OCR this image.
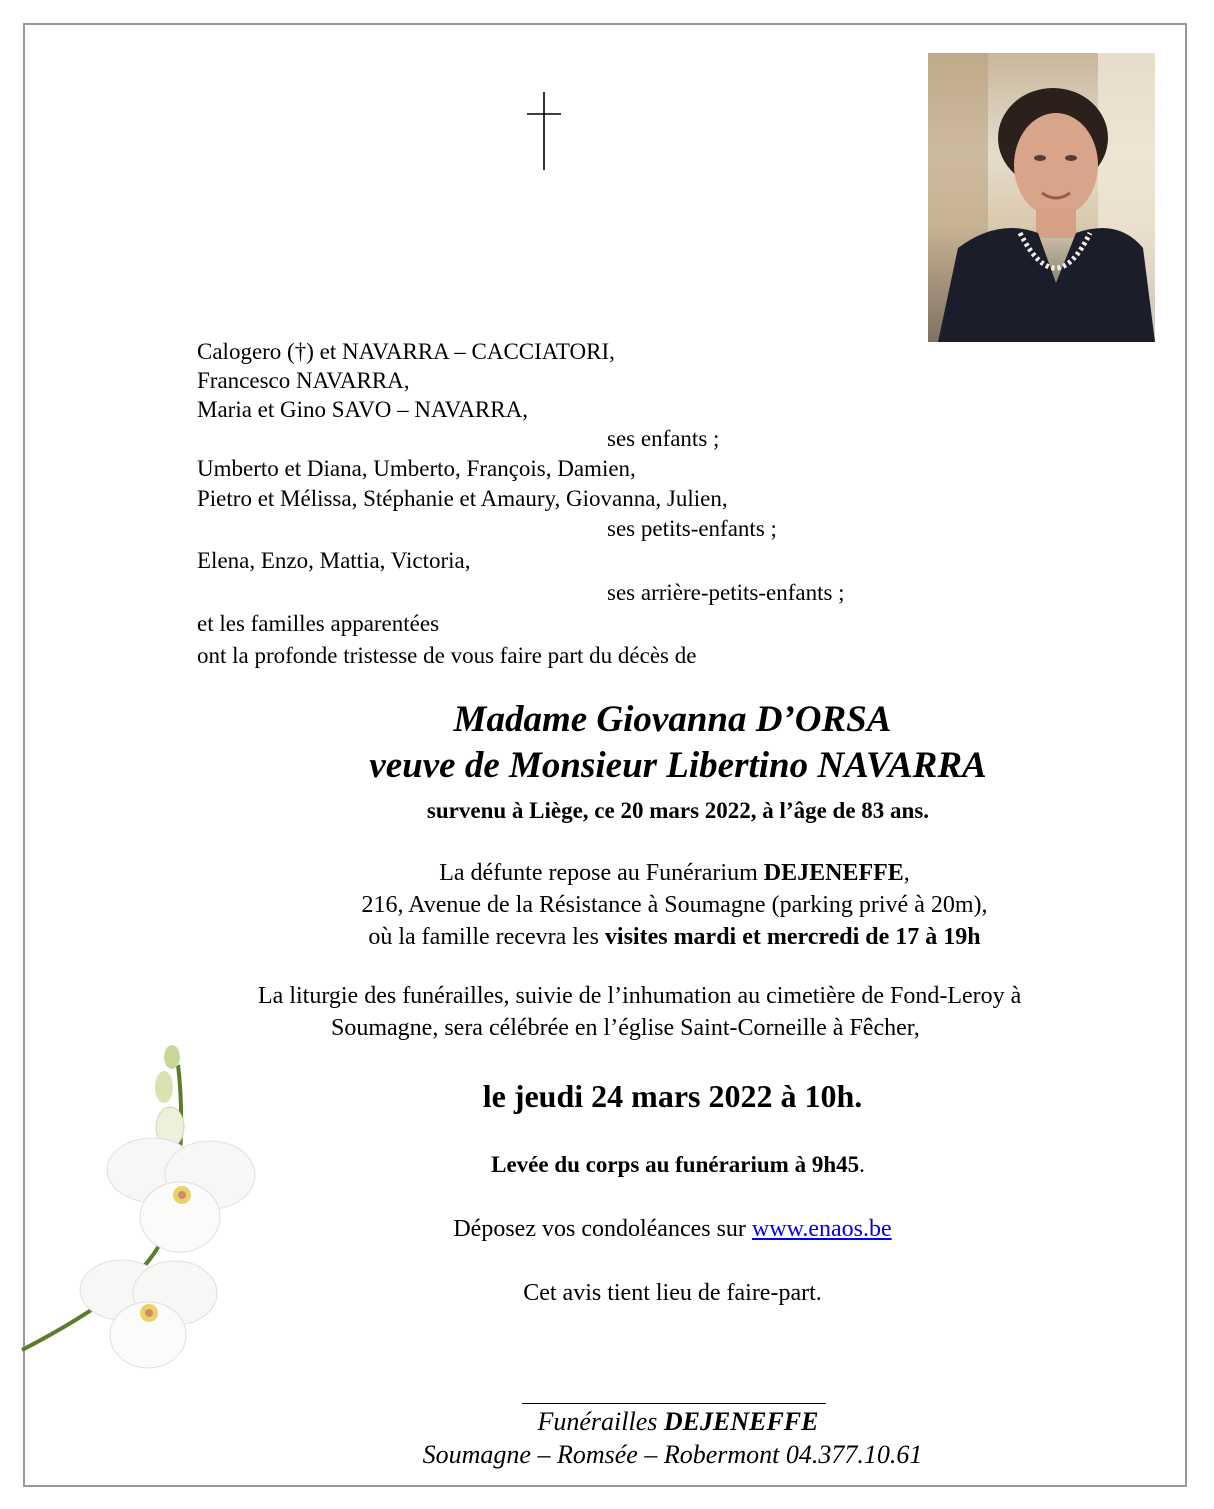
Calogero (†) et NAVARRA – CACCIATORI,
Francesco NAVARRA,
Maria et Gino SAVO – NAVARRA,
ses enfants ;
Umberto et Diana, Umberto, François, Damien,
Pietro et Mélissa, Stéphanie et Amaury, Giovanna, Julien,
ses petits-enfants ;
Elena, Enzo, Mattia, Victoria,
ses arrière-petits-enfants ;
et les familles apparentées
ont la profonde tristesse de vous faire part du décès de
Madame Giovanna D’ORSA
veuve de Monsieur Libertino NAVARRA
survenu à Liège, ce 20 mars 2022, à l’âge de 83 ans.
La défunte repose au Funérarium DEJENEFFE,
216, Avenue de la Résistance à Soumagne (parking privé à 20m),
où la famille recevra les visites mardi et mercredi de 17 à 19h
La liturgie des funérailles, suivie de l’inhumation au cimetière de Fond-Leroy à
Soumagne, sera célébrée en l’église Saint-Corneille à Fêcher,
le jeudi 24 mars 2022 à 10h.
Levée du corps au funérarium à 9h45.
Déposez vos condoléances sur www.enaos.be
Cet avis tient lieu de faire-part.
Funérailles DEJENEFFE
Soumagne – Romsée – Robermont 04.377.10.61
